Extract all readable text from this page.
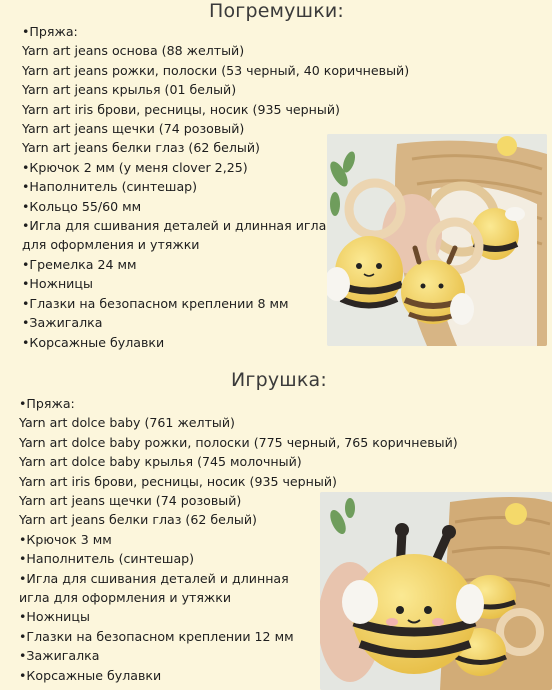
Погремушки:
•Пряжа:
Yarn art jeans основа (88 желтый)
Yarn art jeans рожки, полоски (53 черный, 40 коричневый)
Yarn art jeans крылья (01 белый)
Yarn art iris брови, ресницы, носик (935 черный)
Yarn art jeans щечки (74 розовый)
Yarn art jeans белки глаз (62 белый)
•Крючок 2 мм (у меня clover 2,25)
•Наполнитель (синтешар)
•Кольцо 55/60 мм
•Игла для сшивания деталей и длинная игла
для оформления и утяжки
•Гремелка 24 мм
•Ножницы
•Глазки на безопасном креплении 8 мм
•Зажигалка
•Корсажные булавки
Игрушка:
•Пряжа:
Yarn art dolce baby (761 желтый)
Yarn art dolce baby рожки, полоски (775 черный, 765 коричневый)
Yarn art dolce baby крылья (745 молочный)
Yarn art iris брови, ресницы, носик (935 черный)
Yarn art jeans щечки (74 розовый)
Yarn art jeans белки глаз (62 белый)
•Крючок 3 мм
•Наполнитель (синтешар)
•Игла для сшивания деталей и длинная
игла для оформления и утяжки
•Ножницы
•Глазки на безопасном креплении 12 мм
•Зажигалка
•Корсажные булавки
